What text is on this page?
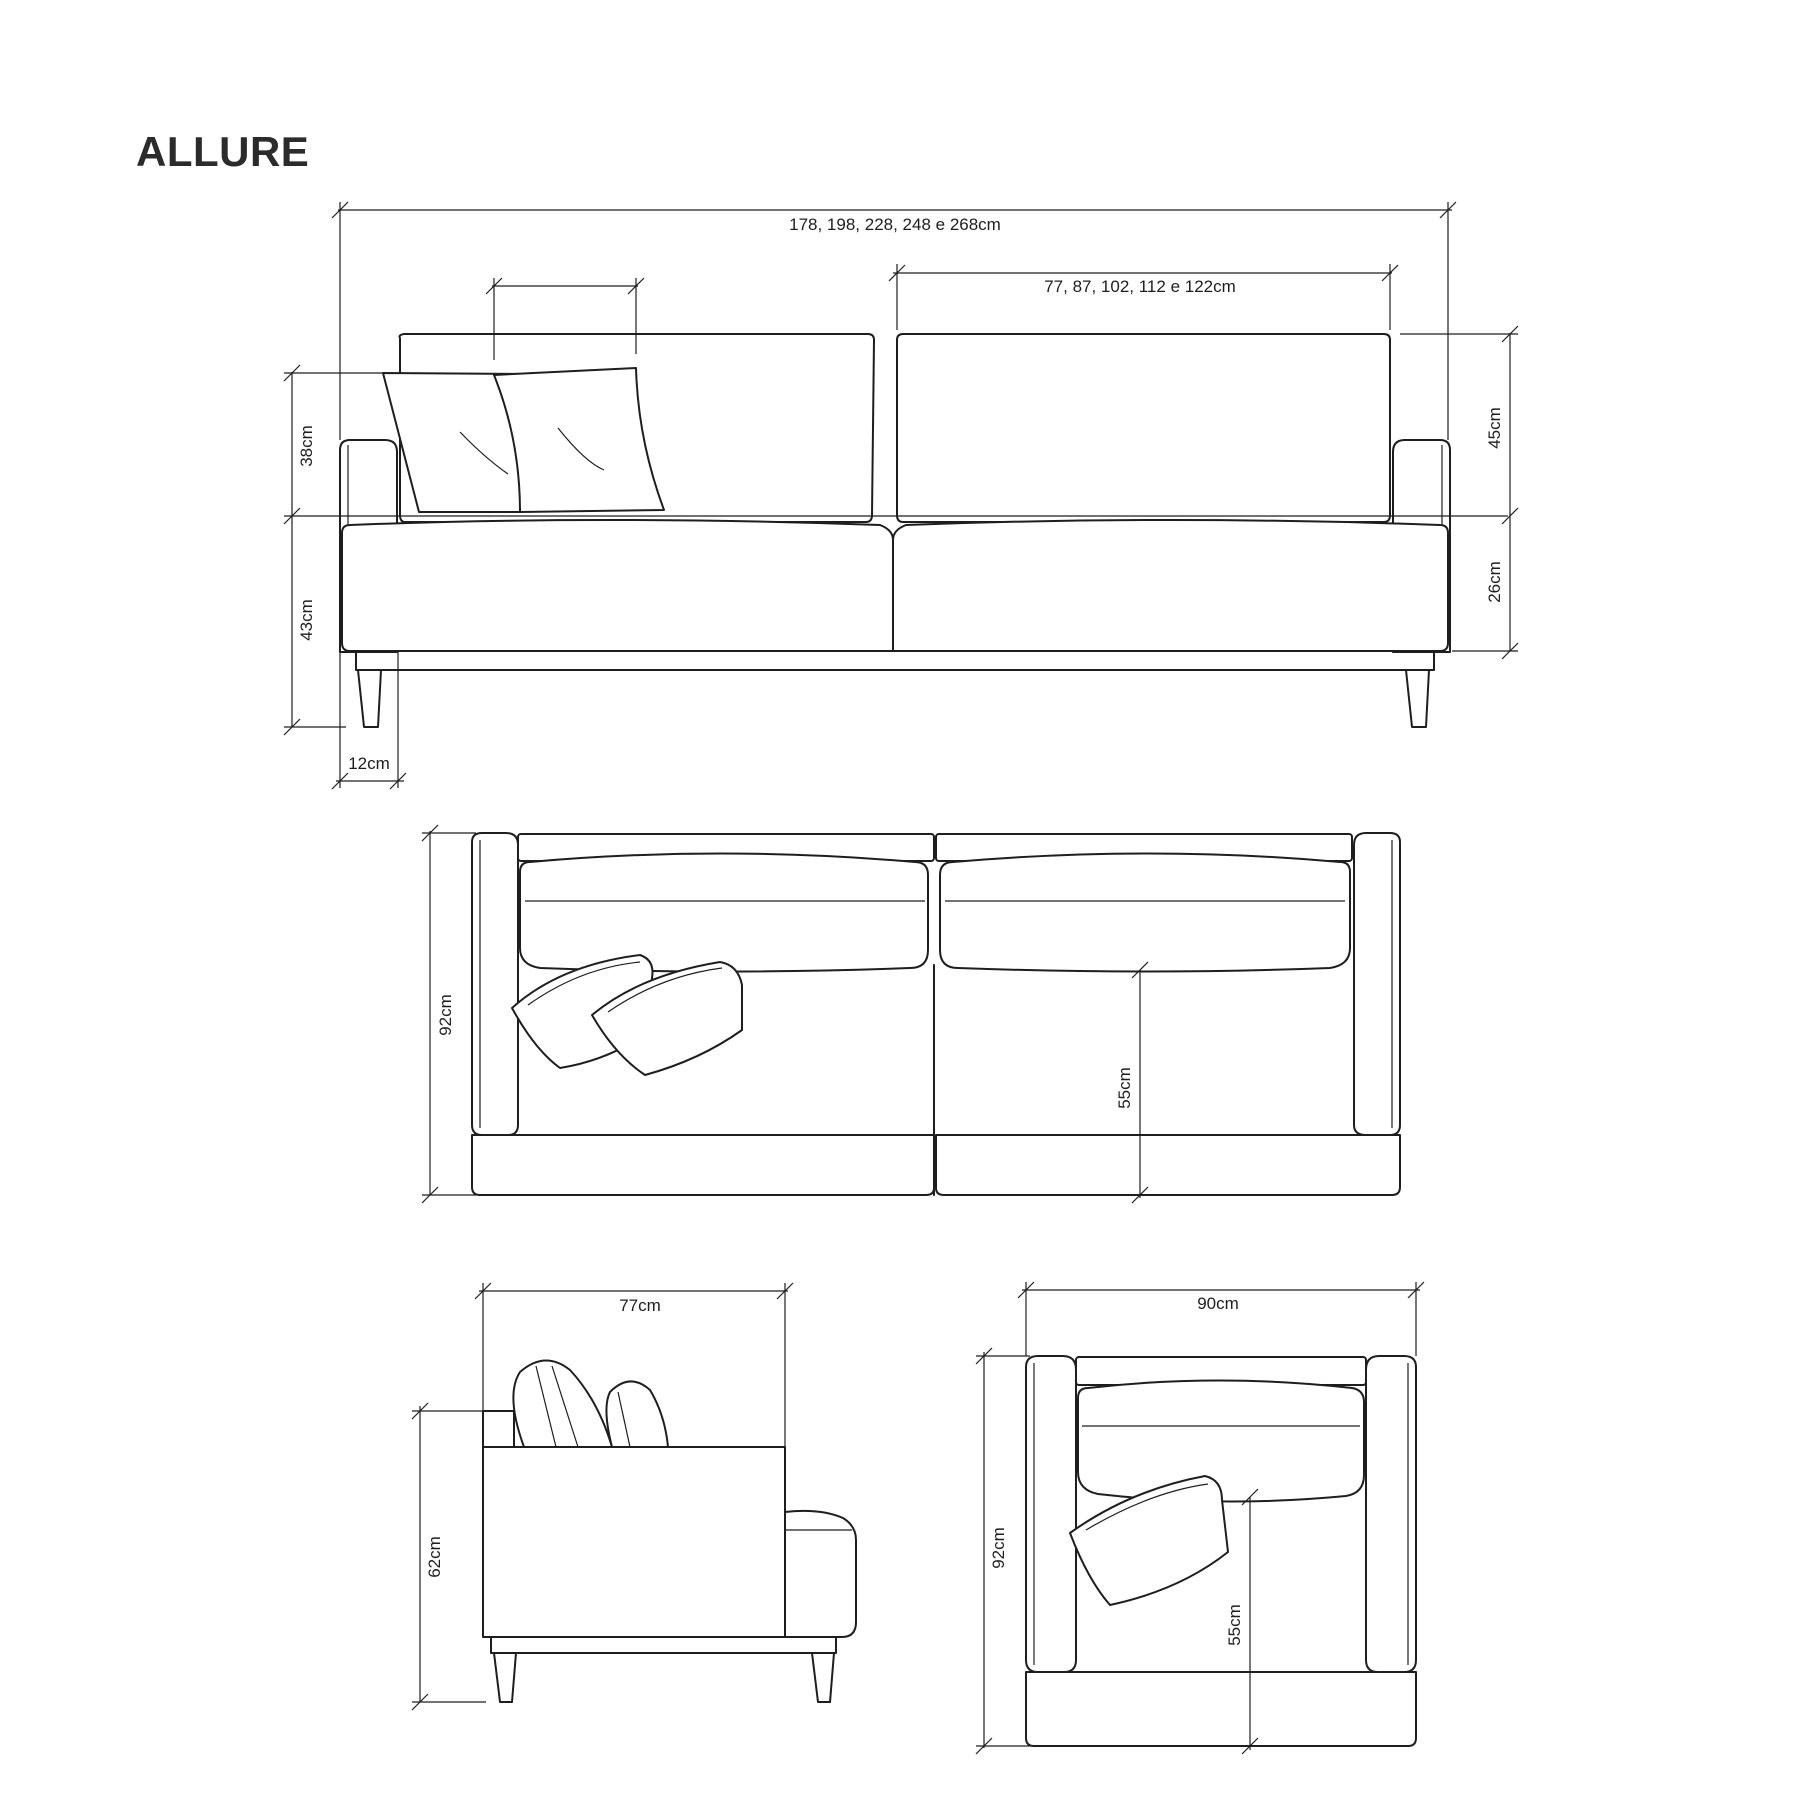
ALLURE
178, 198, 228, 248 e 268cm
77, 87, 102, 112 e 122cm
38cm
43cm
12cm
45cm
26cm
92cm
55cm
77cm
62cm
90cm
92cm
55cm
